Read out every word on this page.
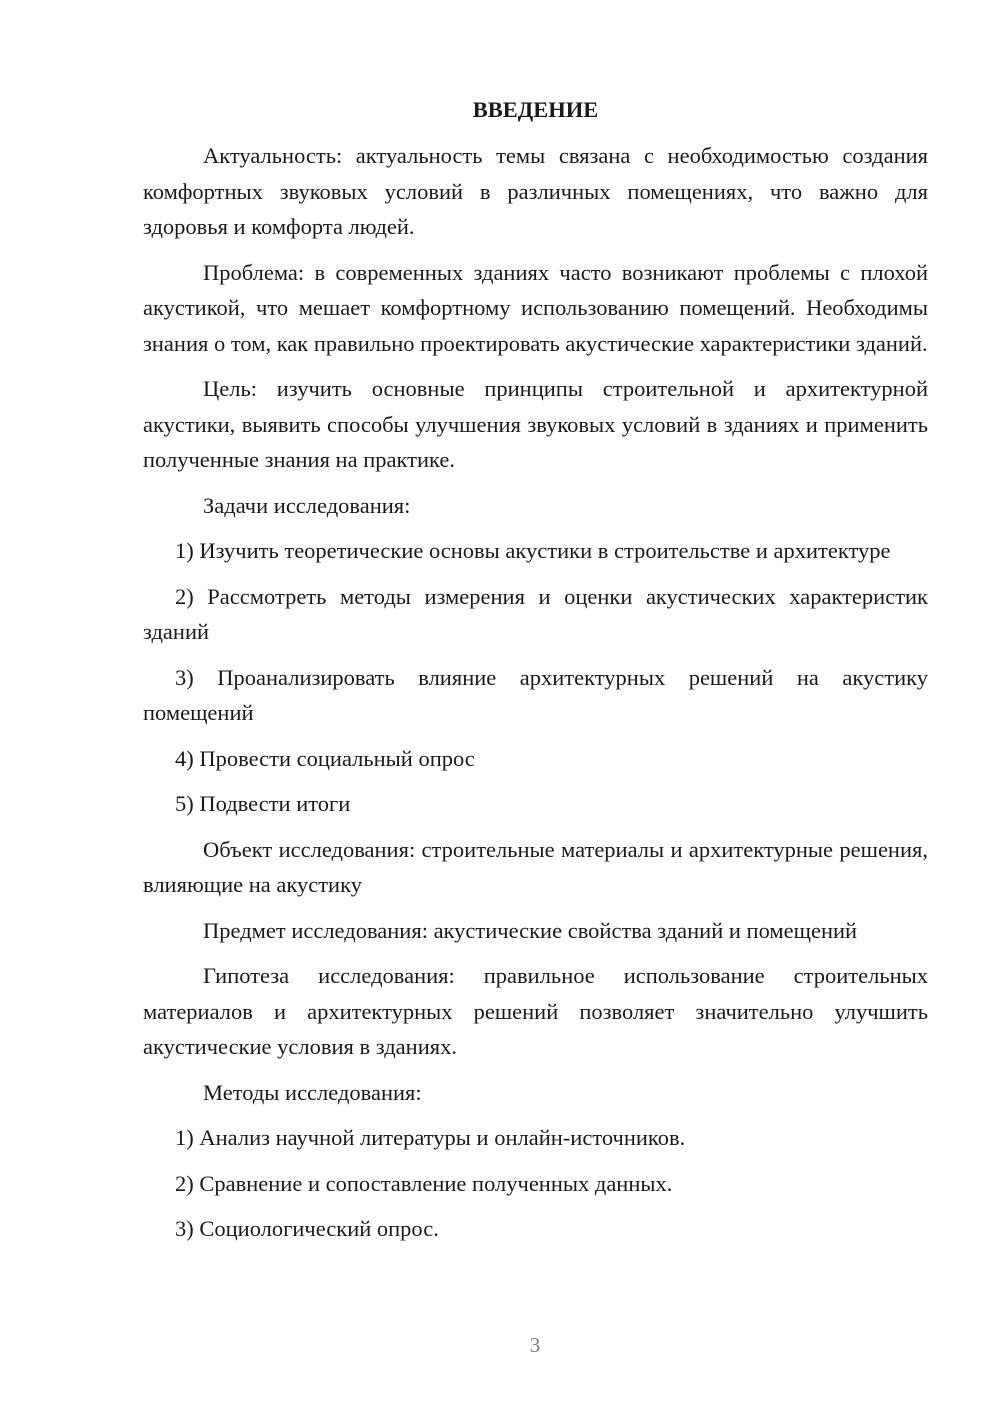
ВВЕДЕНИЕ

Актуальность: актуальность темы связана с необходимостью создания комфортных звуковых условий в различных помещениях, что важно для здоровья и комфорта людей.

Проблема: в современных зданиях часто возникают проблемы с плохой акустикой, что мешает комфортному использованию помещений. Необходимы знания о том, как правильно проектировать акустические характеристики зданий.

Цель: изучить основные принципы строительной и архитектурной акустики, выявить способы улучшения звуковых условий в зданиях и применить полученные знания на практике.

Задачи исследования:

1) Изучить теоретические основы акустики в строительстве и архитектуре

2) Рассмотреть методы измерения и оценки акустических характеристик зданий

3) Проанализировать влияние архитектурных решений на акустику помещений

4) Провести социальный опрос

5) Подвести итоги

Объект исследования: строительные материалы и архитектурные решения, влияющие на акустику

Предмет исследования: акустические свойства зданий и помещений

Гипотеза исследования: правильное использование строительных материалов и архитектурных решений позволяет значительно улучшить акустические условия в зданиях.

Методы исследования:

1) Анализ научной литературы и онлайн-источников.

2) Сравнение и сопоставление полученных данных.

3) Социологический опрос.

3
